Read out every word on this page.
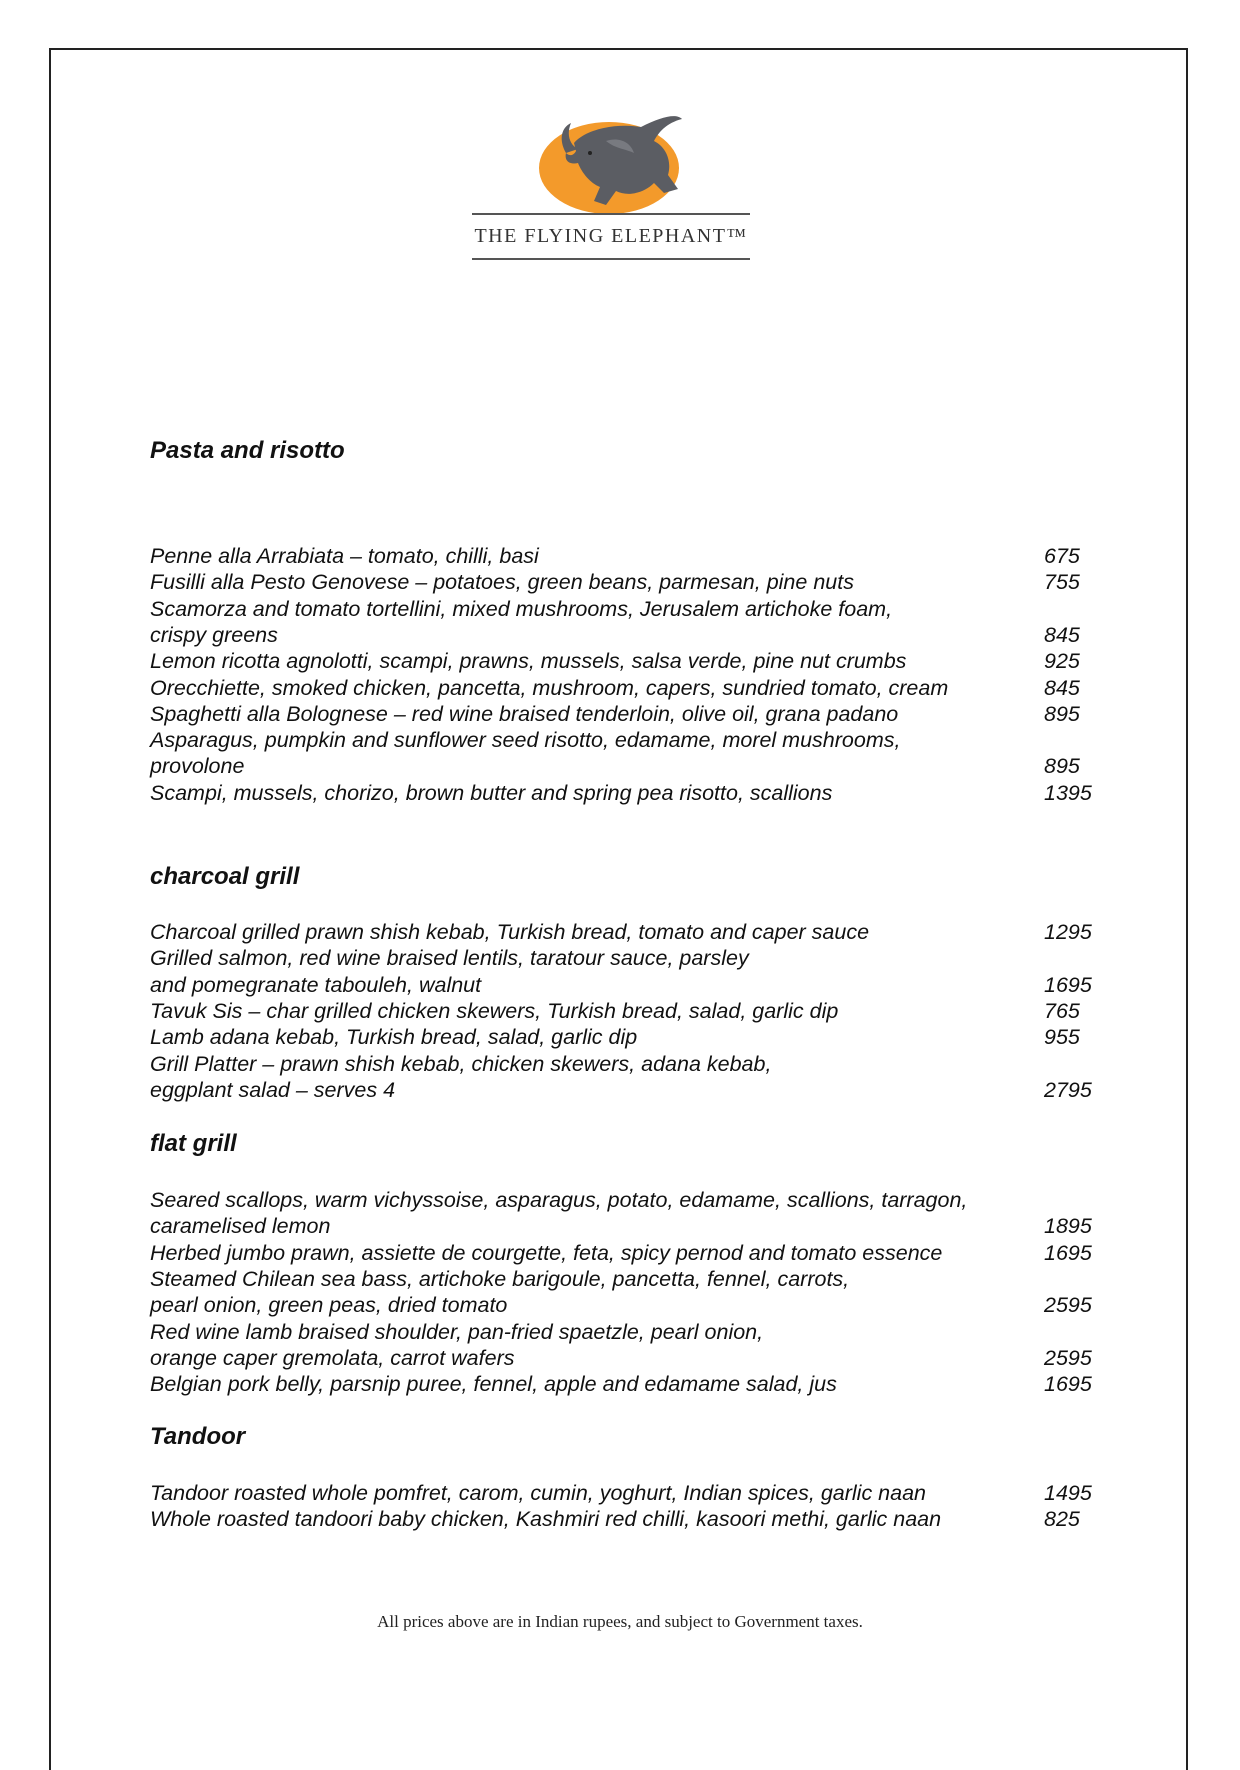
THE FLYING ELEPHANT™
Pasta and risotto
Penne alla Arrabiata – tomato, chilli, basi	675
Fusilli alla Pesto Genovese – potatoes, green beans, parmesan, pine nuts	755
Scamorza and tomato tortellini, mixed mushrooms, Jerusalem artichoke foam,
crispy greens	845
Lemon ricotta agnolotti, scampi, prawns, mussels, salsa verde, pine nut crumbs	925
Orecchiette, smoked chicken, pancetta, mushroom, capers, sundried tomato, cream	845
Spaghetti alla Bolognese – red wine braised tenderloin, olive oil, grana padano	895
Asparagus, pumpkin and sunflower seed risotto, edamame, morel mushrooms,
provolone	895
Scampi, mussels, chorizo, brown butter and spring pea risotto, scallions	1395
charcoal grill
Charcoal grilled prawn shish kebab, Turkish bread, tomato and caper sauce	1295
Grilled salmon, red wine braised lentils, taratour sauce, parsley
and pomegranate tabouleh, walnut	1695
Tavuk Sis – char grilled chicken skewers, Turkish bread, salad, garlic dip	765
Lamb adana kebab, Turkish bread, salad, garlic dip	955
Grill Platter – prawn shish kebab, chicken skewers, adana kebab,
eggplant salad – serves 4	2795
flat grill
Seared scallops, warm vichyssoise, asparagus, potato, edamame, scallions, tarragon,
caramelised lemon	1895
Herbed jumbo prawn, assiette de courgette, feta, spicy pernod and tomato essence	1695
Steamed Chilean sea bass, artichoke barigoule, pancetta, fennel, carrots,
pearl onion, green peas, dried tomato	2595
Red wine lamb braised shoulder, pan-fried spaetzle, pearl onion,
orange caper gremolata, carrot wafers	2595
Belgian pork belly, parsnip puree, fennel, apple and edamame salad, jus	1695
Tandoor
Tandoor roasted whole pomfret, carom, cumin, yoghurt, Indian spices, garlic naan	1495
Whole roasted tandoori baby chicken, Kashmiri red chilli, kasoori methi, garlic naan	825
All prices above are in Indian rupees, and subject to Government taxes.
